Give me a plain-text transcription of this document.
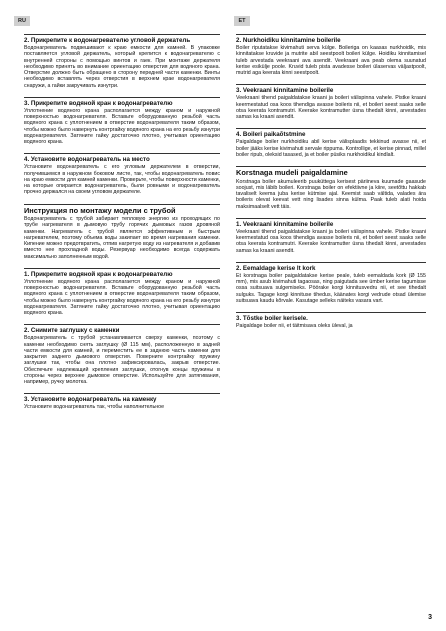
RU	ET
2. Прикрепите к водонагревателю угловой держатель

Водонагреватель подвешивают к краю емкости для камней. В упаковке поставляется угловой держатель, который крепится к водонагревателю с внутренней стороны с помощью винтов и гаек. При монтаже держателя необходимо принять во внимание ориентацию отверстия для водяного крана. Отверстие должно быть обращено в сторону передней части каменки. Винты необходимо вставлять через отверстия в верхнем крае водонагревателя снаружи, а гайки закручивать изнутри.

3. Прикрепите водяной кран к водонагревателю

Уплотнение водяного крана располагается между краном и наружной поверхностью водонагревателя. Вставьте оборудованную резьбой часть водяного крана с уплотнением в отверстие водонагревателя таким образом, чтобы можно было навернуть контргайку водяного крана на его резьбу изнутри водонагревателя. Затяните гайку достаточно плотно, учитывая ориентацию водяного крана.

4. Установите водонагреватель на место

Установите водонагреватель с его угловым держателем в отверстии, получившемся в наружном боковом листе, так, чтобы водонагреватель повис на краю емкости для камней каменки. Проверьте, чтобы поверхности каменки, на которые опирается водонагреватель, были ровными и водонагреватель прочно держался на своем угловом держателе.

Инструкция по монтажу модели с трубой

Водонагреватель с трубой забирает тепловую энергию из проходящих по трубе нагревателя в дымовую трубу горячих дымовых газов дровяной каменки. Нагреватель с трубой является эффективным и быстрым нагревателем, поэтому объема воды закипает во время нагревания каменки. Кипение можно предотвратить, отпив нагретую воду из нагревателя и добавив вместо нее прохладной воды. Резервуар необходимо всегда содержать максимально заполненным водой.

1. Прикрепите водяной кран к водонагревателю

Уплотнение водяного крана располагается между краном и наружной поверхностью водонагревателя. Вставьте оборудованную резьбой часть водяного крана с уплотнением в отверстие водонагревателя таким образом, чтобы можно было навернуть контргайку водяного крана на его резьбу изнутри водонагревателя. Затяните гайку достаточно плотно, учитывая ориентацию водяного крана.

2. Снимите заглушку с каменки

Водонагреватель с трубой устанавливается сверху каменки, поэтому с каменки необходимо снять заглушку (Ø 115 мм), расположенную в задней части емкости для камней, и переместить ее в заднюю часть каменки для закрытия заднего дымового отверстия. Поверните контргайку пружину заглушки так, чтобы она плотно зафиксировалась, закрыв отверстие. Обеспечьте надлежащий крепления заглушки, отогнув концы пружины в стороны через верхнее дымовое отверстие. Используйте для затягивания, например, ручку молотка.

3. Установите водонагреватель на каменку

Установите водонагреватель так, чтобы наполнительное

2. Nurkhoidiku kinnitamine boilerile

Boiler riputatakse kivimahuti serva külge. Boileriga on kaasas nurkhoidik, mis kinnitatakse kruvide ja mutrite abil seestpoolt boileri külge. Hoidiku kinnitamisel tuleb arvestada veekraani ava asendit. Veekraani ava peab olema suunatud kerise esikülje poole. Kruvid tuleb pista avadesse boileri ülaservas väljastpoolt, mutrid aga keerata kinni seestpoolt.

3. Veekraani kinnitamine boilerile

Veekraani tihend paigaldatakse kraani ja boileri välispinna vahele. Pistke kraani keermestatud osa koos tihendiga avasse boileris nii, et boileri seest saaks selle otsa keerata kontramutri. Keerake kontramutter üsna tihedalt kinni, arvestades samas ka kraani asendit.

4. Boileri paikaõtstmine

Paigaldage boiler nurkhoidiku abil kerise välisplaadis tekkinud avasse nii, et boiler jääks kerise kivimahuti servale rippuma. Kontrollige, et kerise pinnad, millel boiler ripub, oleksid tasased, ja et boiler püsiks nurkhoidikul kindlalt.

Korstnaga mudeli paigaldamine

Korstnaga boiler akumuleerib puuküttega kerisest päriineva kuumade gaasude soojust, mis läbib boileri. Korstnaga boiler on efektiivne ja kiire, seetõttu hakkab tavaliselt keema juba kerise kütmise ajal. Keemist saab vältida, valades ära boileris olevat keevat vett ning lisades sinna külma. Paak tuleb alati hoida maksimaalselt vett täis.

1. Veekraani kinnitamine boilerile

Veekraani tihend paigaldatakse kraani ja boileri välispinna vahele. Pistke kraani keermestatud osa koos tihendiga avasse boileris nii, et boileri seest saaks selle otsa keerata kontramutri. Keerake kontramutter üsna tihedalt kinni, arvestades samas ka kraani asendit.

2. Eemaldage kerise lt kork

Et korstnaga boiler paigaldatakse kerise peale, tuleb eemaldada kork (Ø 155 mm), mis asub kivimahuti tagaosas, ning paigutada see ümber kerise tagumisse ossa suitsuava sulgemiseks. Pöörake korgi kinnitusvedru nii, et see tihedalt sulguks. Tagage korgi kinnituse tihedus, käänates korgi vedrude otsad ülemise suitsuava kaudu kõrvale. Kasutage selleks näiteks vasara vart.

3. Tõstke boiler kerisele.

Paigaldage boiler nii, et täitmisava oleks üleval, ja

3
